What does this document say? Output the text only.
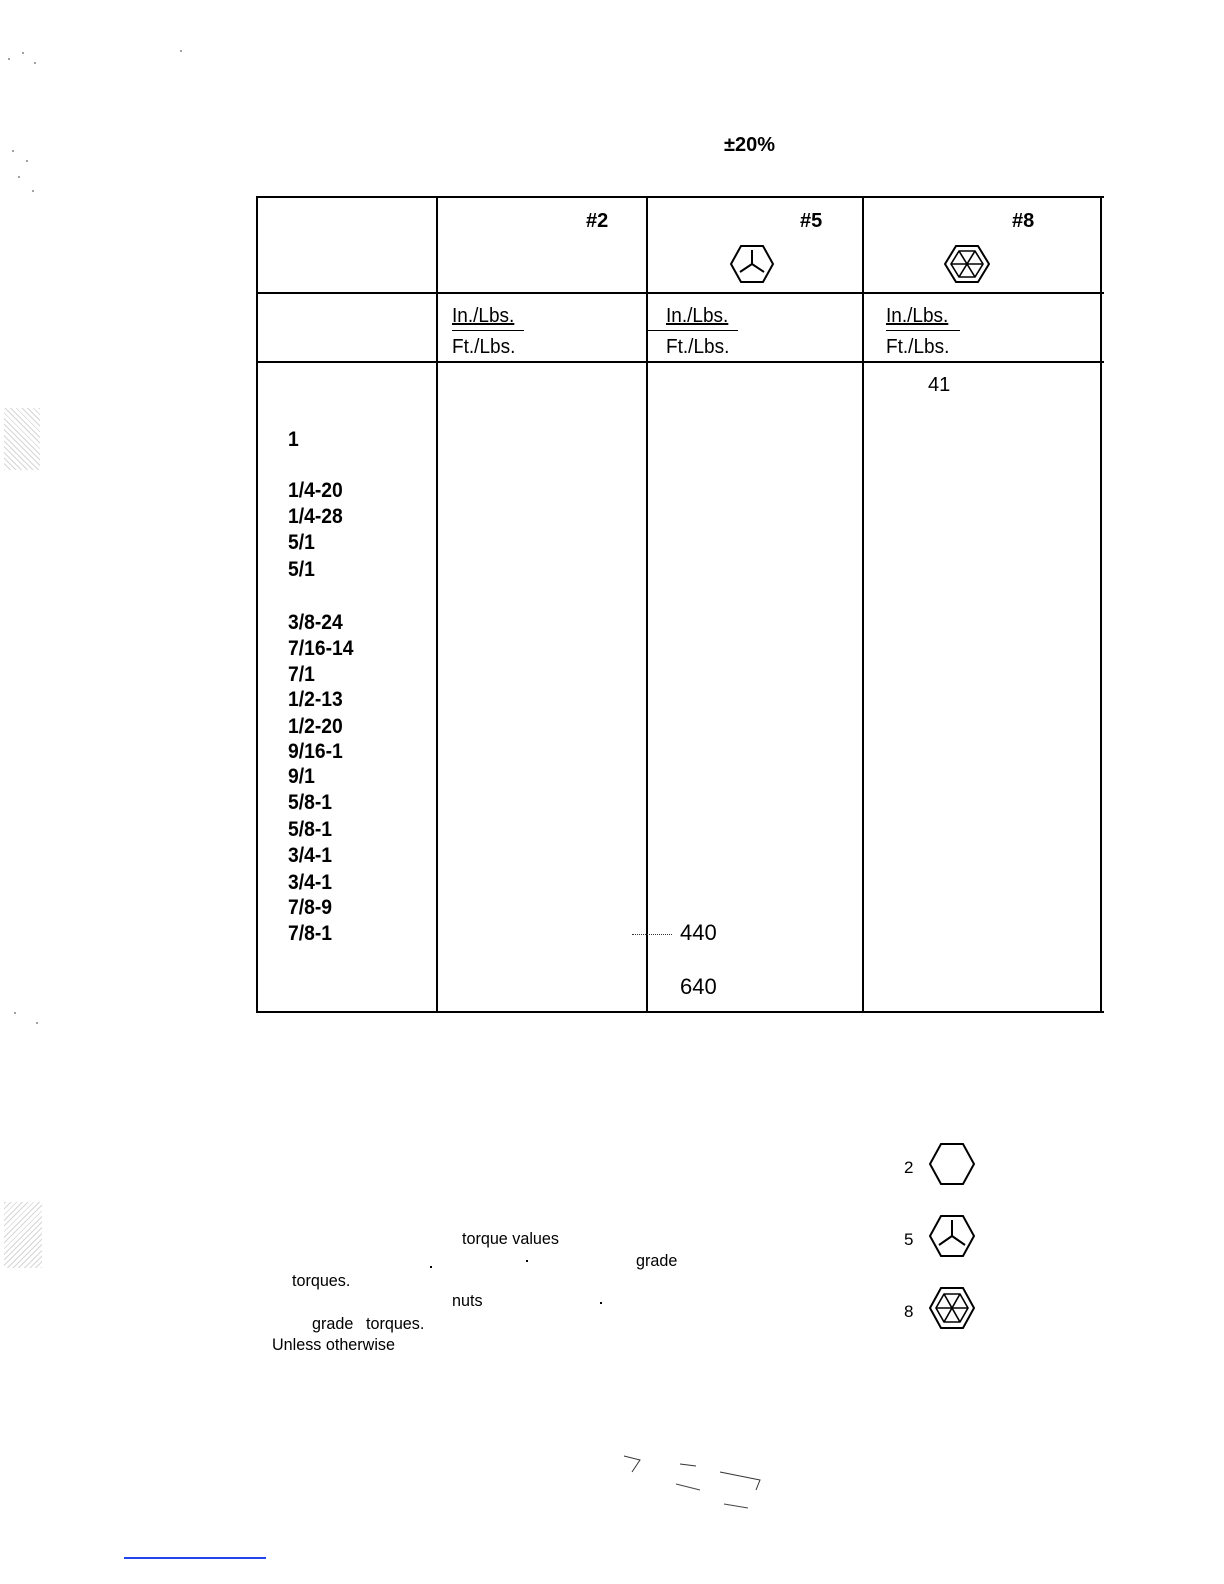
±20%
#2	#5	#8
In./Lbs.
Ft./Lbs.
In./Lbs.
Ft./Lbs.
In./Lbs.
Ft./Lbs.
1
1/4-20
1/4-28
5/1
5/1
3/8-24
7/16-14
7/1
1/2-13
1/2-20
9/16-1
9/1
5/8-1
5/8-1
3/4-1
3/4-1
7/8-9
7/8-1
41
440
640
2
5
8
torque values
grade
torques.
nuts
grade torques.
Unless otherwise
